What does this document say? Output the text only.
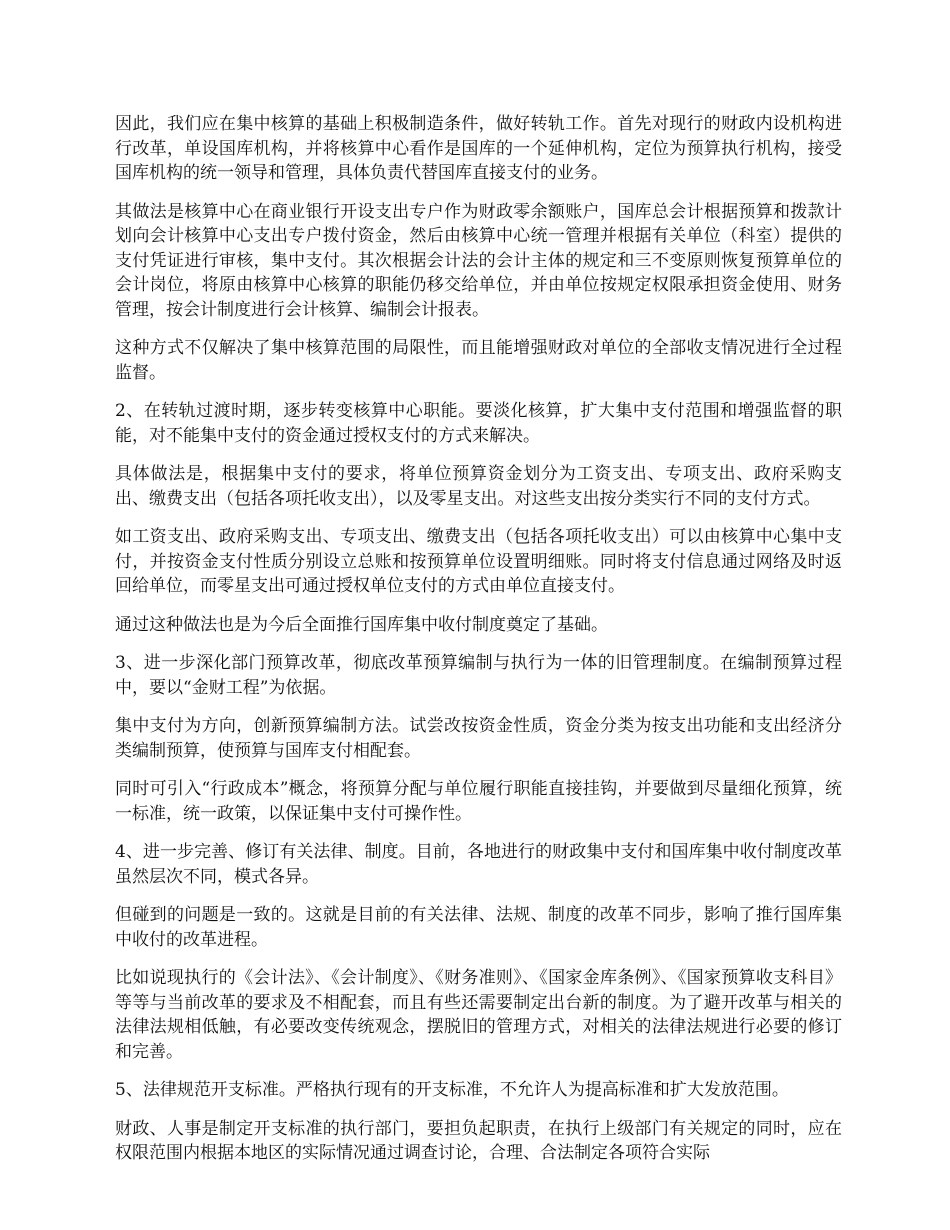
因此，我们应在集中核算的基础上积极制造条件，做好转轨工作。首先对现行的财政内设机构进行改革，单设国库机构，并将核算中心看作是国库的一个延伸机构，定位为预算执行机构，接受国库机构的统一领导和管理，具体负责代替国库直接支付的业务。

其做法是核算中心在商业银行开设支出专户作为财政零余额账户，国库总会计根据预算和拨款计划向会计核算中心支出专户拨付资金，然后由核算中心统一管理并根据有关单位（科室）提供的支付凭证进行审核，集中支付。其次根据会计法的会计主体的规定和三不变原则恢复预算单位的会计岗位，将原由核算中心核算的职能仍移交给单位，并由单位按规定权限承担资金使用、财务管理，按会计制度进行会计核算、编制会计报表。

这种方式不仅解决了集中核算范围的局限性，而且能增强财政对单位的全部收支情况进行全过程监督。

2、在转轨过渡时期，逐步转变核算中心职能。要淡化核算，扩大集中支付范围和增强监督的职能，对不能集中支付的资金通过授权支付的方式来解决。

具体做法是，根据集中支付的要求，将单位预算资金划分为工资支出、专项支出、政府采购支出、缴费支出（包括各项托收支出），以及零星支出。对这些支出按分类实行不同的支付方式。

如工资支出、政府采购支出、专项支出、缴费支出（包括各项托收支出）可以由核算中心集中支付，并按资金支付性质分别设立总账和按预算单位设置明细账。同时将支付信息通过网络及时返回给单位，而零星支出可通过授权单位支付的方式由单位直接支付。

通过这种做法也是为今后全面推行国库集中收付制度奠定了基础。

3、进一步深化部门预算改革，彻底改革预算编制与执行为一体的旧管理制度。在编制预算过程中，要以“金财工程”为依据。

集中支付为方向，创新预算编制方法。试尝改按资金性质，资金分类为按支出功能和支出经济分类编制预算，使预算与国库支付相配套。

同时可引入“行政成本”概念，将预算分配与单位履行职能直接挂钩，并要做到尽量细化预算，统一标准，统一政策，以保证集中支付可操作性。

4、进一步完善、修订有关法律、制度。目前，各地进行的财政集中支付和国库集中收付制度改革虽然层次不同，模式各异。

但碰到的问题是一致的。这就是目前的有关法律、法规、制度的改革不同步，影响了推行国库集中收付的改革进程。

比如说现执行的《会计法》、《会计制度》、《财务准则》、《国家金库条例》、《国家预算收支科目》等等与当前改革的要求及不相配套，而且有些还需要制定出台新的制度。为了避开改革与相关的法律法规相低触，有必要改变传统观念，摆脱旧的管理方式，对相关的法律法规进行必要的修订和完善。

5、法律规范开支标准。严格执行现有的开支标准，不允许人为提高标准和扩大发放范围。

财政、人事是制定开支标准的执行部门，要担负起职责，在执行上级部门有关规定的同时，应在权限范围内根据本地区的实际情况通过调查讨论，合理、合法制定各项符合实际
